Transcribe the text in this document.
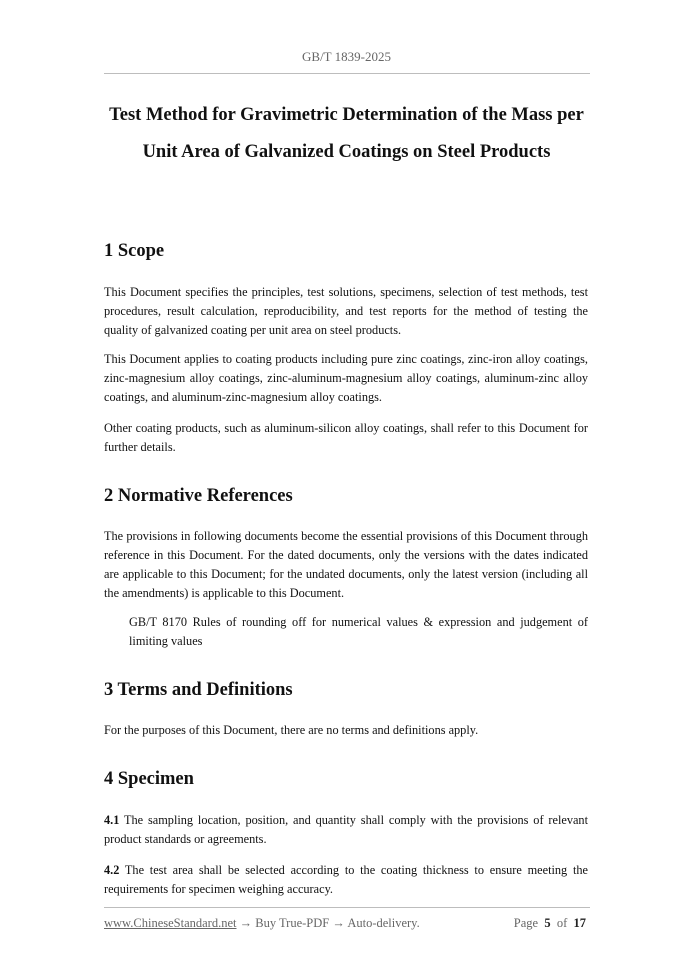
GB/T 1839-2025
Test Method for Gravimetric Determination of the Mass per
Unit Area of Galvanized Coatings on Steel Products
1 Scope

This Document specifies the principles, test solutions, specimens, selection of test methods, test procedures, result calculation, reproducibility, and test reports for the method of testing the quality of galvanized coating per unit area on steel products.

This Document applies to coating products including pure zinc coatings, zinc-iron alloy coatings, zinc-magnesium alloy coatings, zinc-aluminum-magnesium alloy coatings, aluminum-zinc alloy coatings, and aluminum-zinc-magnesium alloy coatings.

Other coating products, such as aluminum-silicon alloy coatings, shall refer to this Document for further details.

2 Normative References

The provisions in following documents become the essential provisions of this Document through reference in this Document. For the dated documents, only the versions with the dates indicated are applicable to this Document; for the undated documents, only the latest version (including all the amendments) is applicable to this Document.

GB/T 8170 Rules of rounding off for numerical values & expression and judgement of limiting values

3 Terms and Definitions

For the purposes of this Document, there are no terms and definitions apply.

4 Specimen

4.1 The sampling location, position, and quantity shall comply with the provisions of relevant product standards or agreements.

4.2 The test area shall be selected according to the coating thickness to ensure meeting the requirements for specimen weighing accuracy.

www.ChineseStandard.net → Buy True-PDF → Auto-delivery.	Page 5 of 17
